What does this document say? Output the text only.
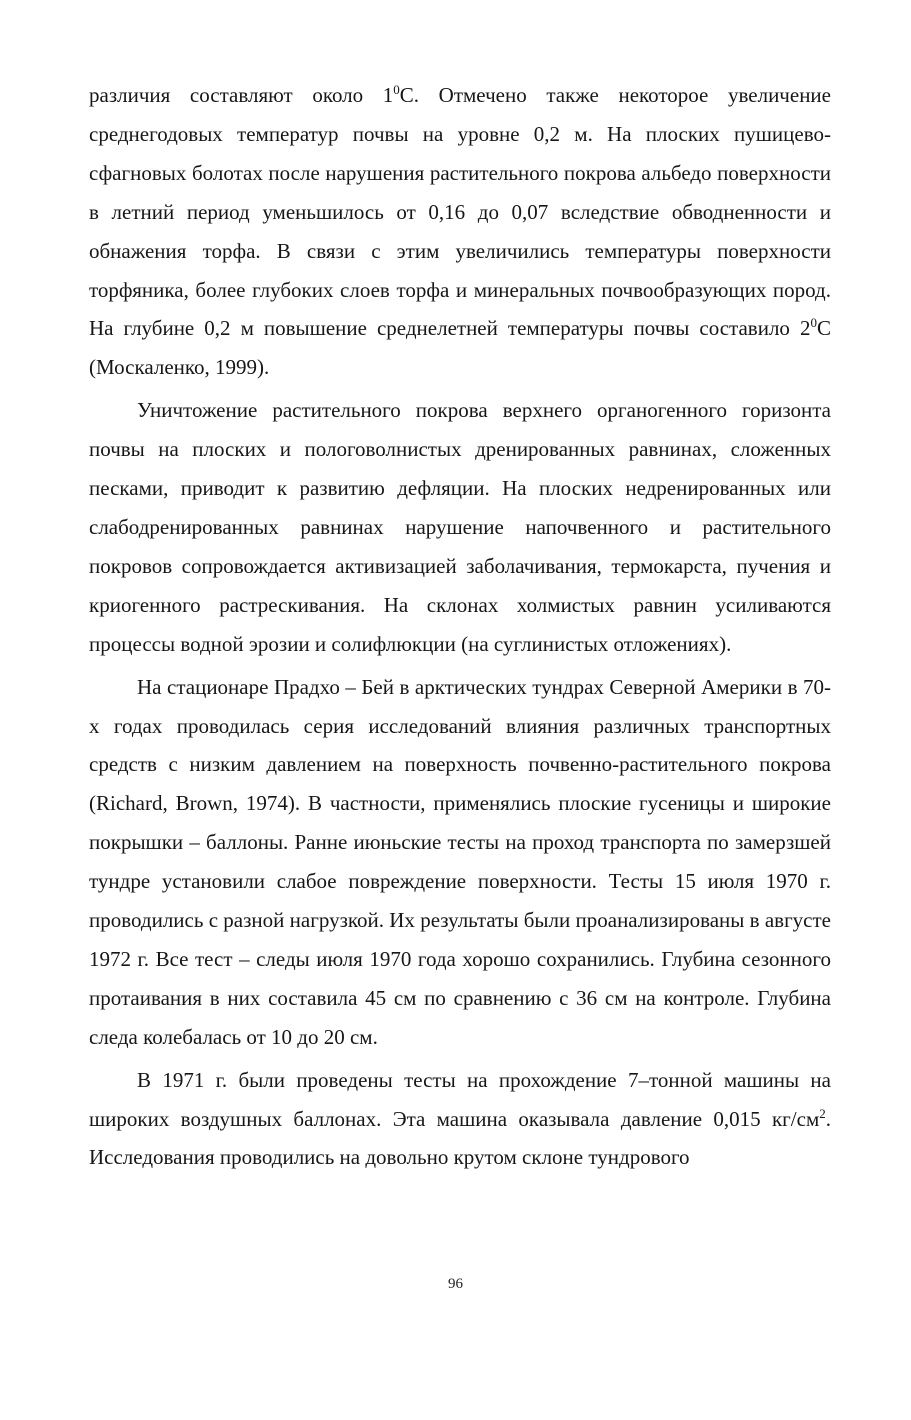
различия составляют около $1^0С$. Отмечено также некоторое увеличение среднегодовых температур почвы на уровне 0,2 м. На плоских пушицево-сфагновых болотах после нарушения растительного покрова альбедо поверхности в летний период уменьшилось от 0,16 до 0,07 вследствие обводненности и обнажения торфа. В связи с этим увеличились температуры поверхности торфяника, более глубоких слоев торфа и минеральных почвообразующих пород. На глубине 0,2 м повышение среднелетней температуры почвы составило $2^0С$ (Москаленко, 1999).

Уничтожение растительного покрова верхнего органогенного горизонта почвы на плоских и пологоволнистых дренированных равнинах, сложенных песками, приводит к развитию дефляции. На плоских недренированных или слабодренированных равнинах нарушение напочвенного и растительного покровов сопровождается активизацией заболачивания, термокарста, пучения и криогенного растрескивания. На склонах холмистых равнин усиливаются процессы водной эрозии и солифлюкции (на суглинистых отложениях).

На стационаре Прадхо – Бей в арктических тундрах Северной Америки в 70-х годах проводилась серия исследований влияния различных транспортных средств с низким давлением на поверхность почвенно-растительного покрова (Richard, Brown, 1974). В частности, применялись плоские гусеницы и широкие покрышки – баллоны. Ранне июньские тесты на проход транспорта по замерзшей тундре установили слабое повреждение поверхности. Тесты 15 июля 1970 г. проводились с разной нагрузкой. Их результаты были проанализированы в августе 1972 г. Все тест – следы июля 1970 года хорошо сохранились. Глубина сезонного протаивания в них составила 45 см по сравнению с 36 см на контроле. Глубина следа колебалась от 10 до 20 см.

В 1971 г. были проведены тесты на прохождение 7–тонной машины на широких воздушных баллонах. Эта машина оказывала давление 0,015 $кг/см^2$. Исследования проводились на довольно крутом склоне тундрового

96
